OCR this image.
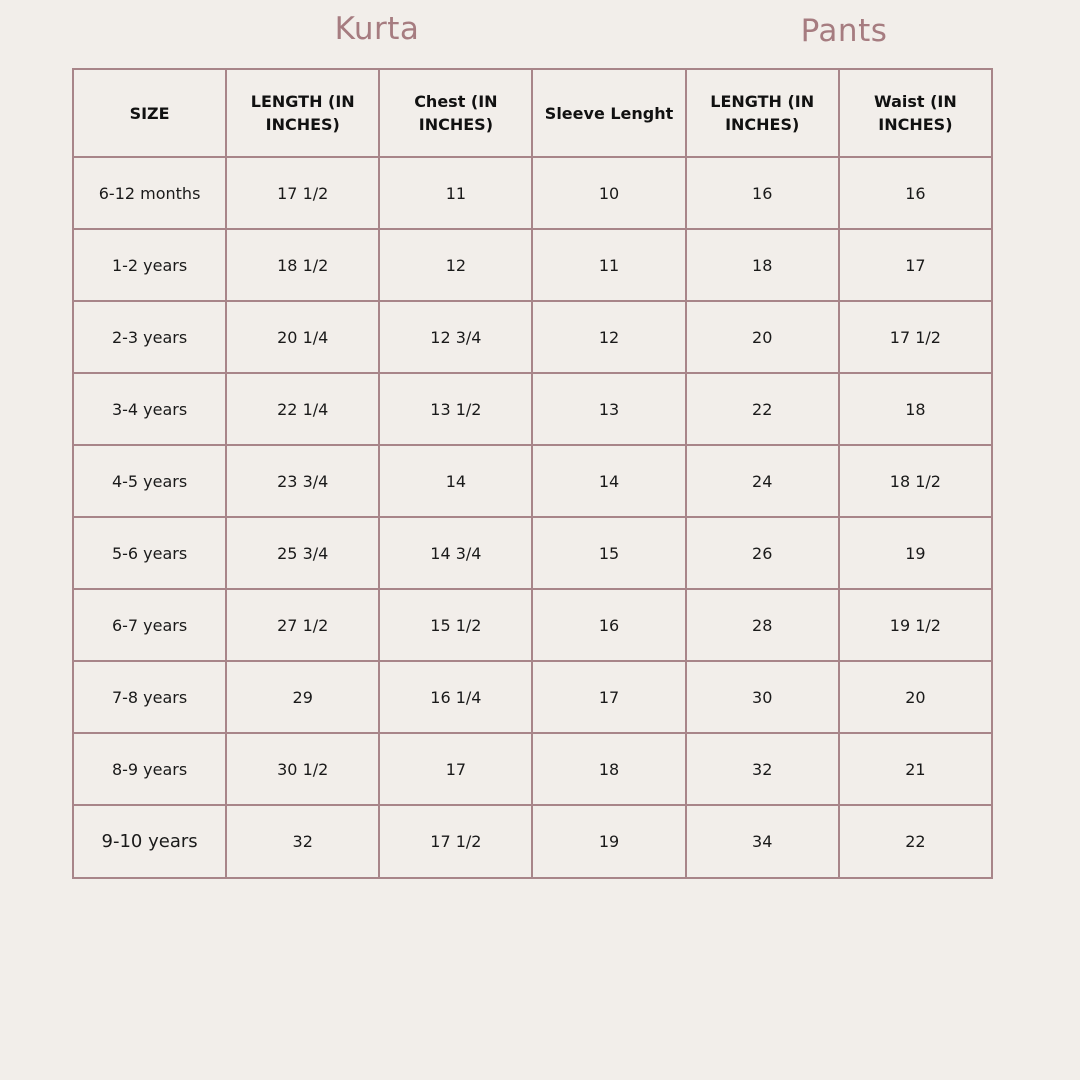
Kurta	Pants
SIZE	LENGTH (IN INCHES)	Chest (IN INCHES)	Sleeve Lenght	LENGTH (IN INCHES)	Waist (IN INCHES)
6-12 months	17 1/2	11	10	16	16
1-2 years	18 1/2	12	11	18	17
2-3 years	20 1/4	12 3/4	12	20	17 1/2
3-4 years	22 1/4	13 1/2	13	22	18
4-5 years	23 3/4	14	14	24	18 1/2
5-6 years	25 3/4	14 3/4	15	26	19
6-7 years	27 1/2	15 1/2	16	28	19 1/2
7-8 years	29	16 1/4	17	30	20
8-9 years	30 1/2	17	18	32	21
9-10 years	32	17 1/2	19	34	22
